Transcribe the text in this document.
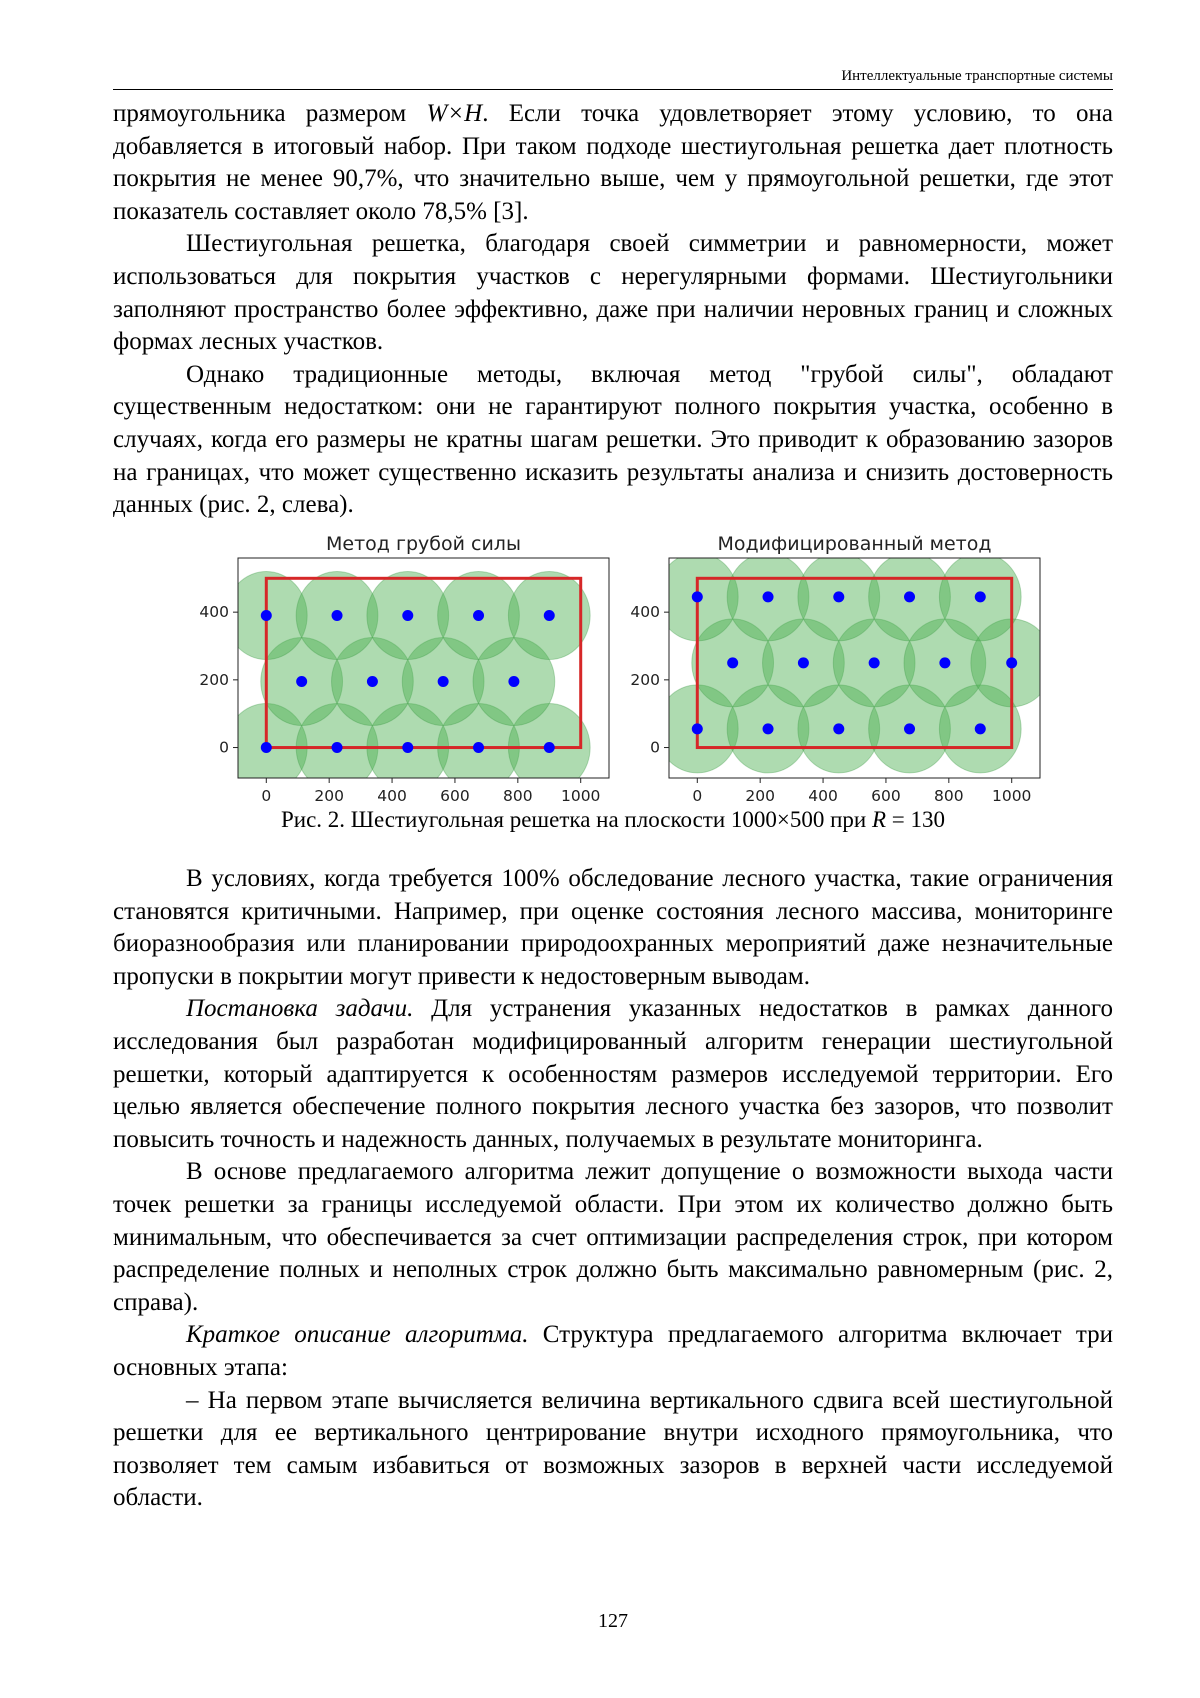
Интеллектуальные транспортные системы

прямоугольника размером W×H. Если точка удовлетворяет этому условию, то она добавляется в итоговый набор. При таком подходе шестиугольная решетка дает плотность покрытия не менее 90,7%, что значительно выше, чем у прямоугольной решетки, где этот показатель составляет около 78,5% [3].

Шестиугольная решетка, благодаря своей симметрии и равномерности, может использоваться для покрытия участков с нерегулярными формами. Шестиугольники заполняют пространство более эффективно, даже при наличии неровных границ и сложных формах лесных участков.

Однако традиционные методы, включая метод "грубой силы", обладают существенным недостатком: они не гарантируют полного покрытия участка, особенно в случаях, когда его размеры не кратны шагам решетки. Это приводит к образованию зазоров на границах, что может существенно исказить результаты анализа и снизить достоверность данных (рис. 2, слева).

Метод грубой силы
0	200 400 600 800 1000
0
200
400
Модифицированный метод
0	200 400 600 800 1000
0
200
400
Рис. 2. Шестиугольная решетка на плоскости 1000×500 при R = 130

В условиях, когда требуется 100% обследование лесного участка, такие ограничения становятся критичными. Например, при оценке состояния лесного массива, мониторинге биоразнообразия или планировании природоохранных мероприятий даже незначительные пропуски в покрытии могут привести к недостоверным выводам.

Постановка задачи. Для устранения указанных недостатков в рамках данного исследования был разработан модифицированный алгоритм генерации шестиугольной решетки, который адаптируется к особенностям размеров исследуемой территории. Его целью является обеспечение полного покрытия лесного участка без зазоров, что позволит повысить точность и надежность данных, получаемых в результате мониторинга.

В основе предлагаемого алгоритма лежит допущение о возможности выхода части точек решетки за границы исследуемой области. При этом их количество должно быть минимальным, что обеспечивается за счет оптимизации распределения строк, при котором распределение полных и неполных строк должно быть максимально равномерным (рис. 2, справа).

Краткое описание алгоритма. Структура предлагаемого алгоритма включает три основных этапа:

– На первом этапе вычисляется величина вертикального сдвига всей шестиугольной решетки для ее вертикального центрирование внутри исходного прямоугольника, что позволяет тем самым избавиться от возможных зазоров в верхней части исследуемой области.

127
